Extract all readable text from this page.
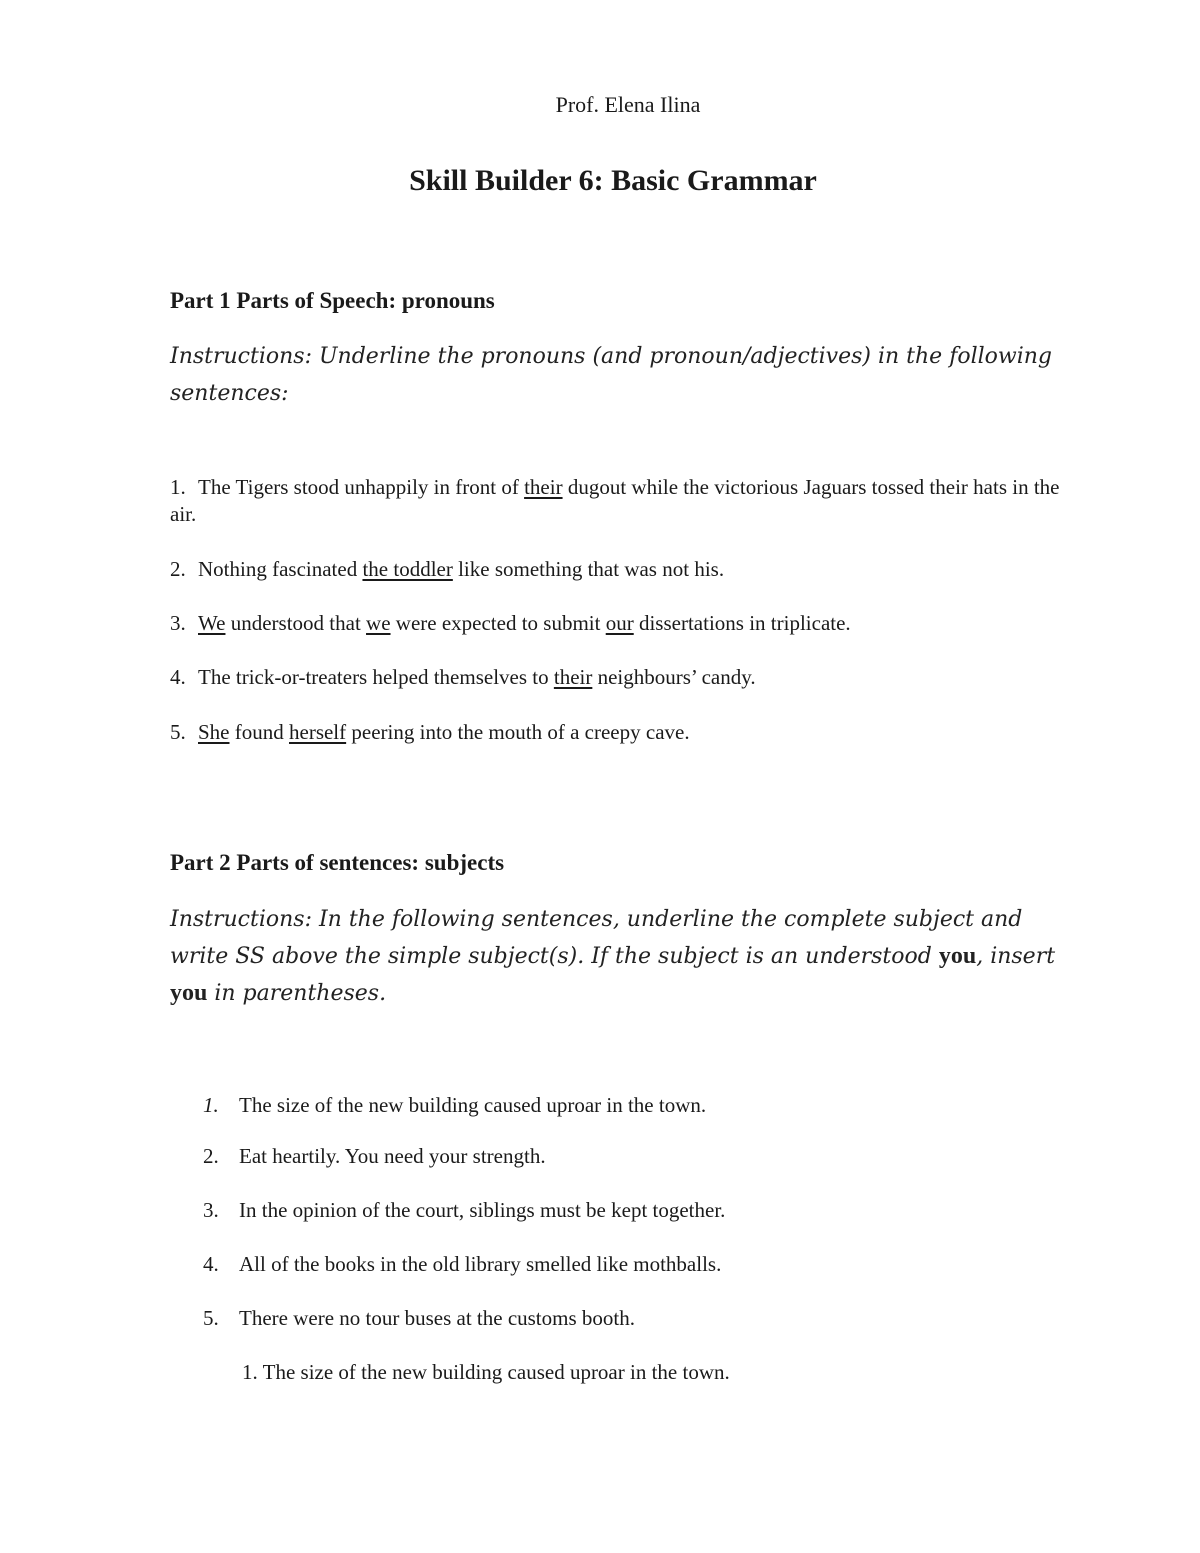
Prof. Elena Ilina

Skill Builder 6: Basic Grammar

Part 1 Parts of Speech: pronouns

Instructions: Underline the pronouns (and pronoun/adjectives) in the following sentences:

1. The Tigers stood unhappily in front of their dugout while the victorious Jaguars tossed their hats in the air.

2. Nothing fascinated the toddler like something that was not his.

3. We understood that we were expected to submit our dissertations in triplicate.

4. The trick-or-treaters helped themselves to their neighbours’ candy.

5. She found herself peering into the mouth of a creepy cave.

Part 2 Parts of sentences: subjects

Instructions: In the following sentences, underline the complete subject and write SS above the simple subject(s). If the subject is an understood you, insert you in parentheses.

1. The size of the new building caused uproar in the town.

2. Eat heartily. You need your strength.

3. In the opinion of the court, siblings must be kept together.

4. All of the books in the old library smelled like mothballs.

5. There were no tour buses at the customs booth.

1. The size of the new building caused uproar in the town.
